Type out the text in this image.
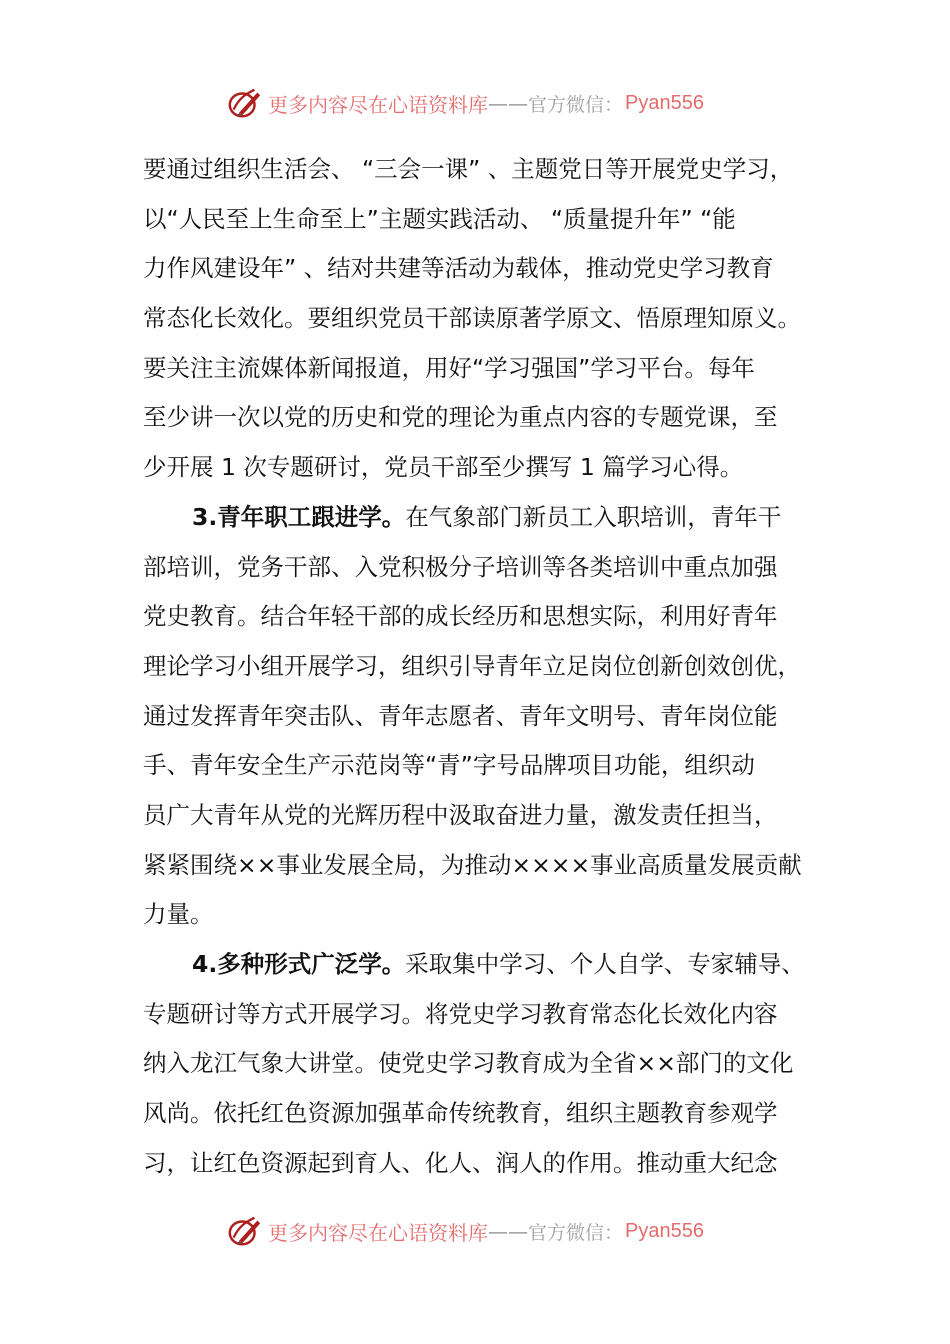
更多内容尽在心语资料库 —— 官方微信： Pyan556
要通过组织生活会、 “三会一课” 、主题党日等开展党史学习，
以“人民至上生命至上”主题实践活动、 “质量提升年” “能
力作风建设年” 、结对共建等活动为载体，推动党史学习教育
常态化长效化。要组织党员干部读原著学原文、悟原理知原义。
要关注主流媒体新闻报道，用好“学习强国”学习平台。每年
至少讲一次以党的历史和党的理论为重点内容的专题党课，至
少开展 1 次专题研讨，党员干部至少撰写 1 篇学习心得。
3.青年职工跟进学。在气象部门新员工入职培训，青年干
部培训，党务干部、入党积极分子培训等各类培训中重点加强
党史教育。结合年轻干部的成长经历和思想实际，利用好青年
理论学习小组开展学习，组织引导青年立足岗位创新创效创优，
通过发挥青年突击队、青年志愿者、青年文明号、青年岗位能
手、青年安全生产示范岗等“青”字号品牌项目功能，组织动
员广大青年从党的光辉历程中汲取奋进力量，激发责任担当，
紧紧围绕××事业发展全局，为推动××××事业高质量发展贡献
力量。
4.多种形式广泛学。采取集中学习、个人自学、专家辅导、
专题研讨等方式开展学习。将党史学习教育常态化长效化内容
纳入龙江气象大讲堂。使党史学习教育成为全省××部门的文化
风尚。依托红色资源加强革命传统教育，组织主题教育参观学
习，让红色资源起到育人、化人、润人的作用。推动重大纪念
更多内容尽在心语资料库 —— 官方微信： Pyan556
